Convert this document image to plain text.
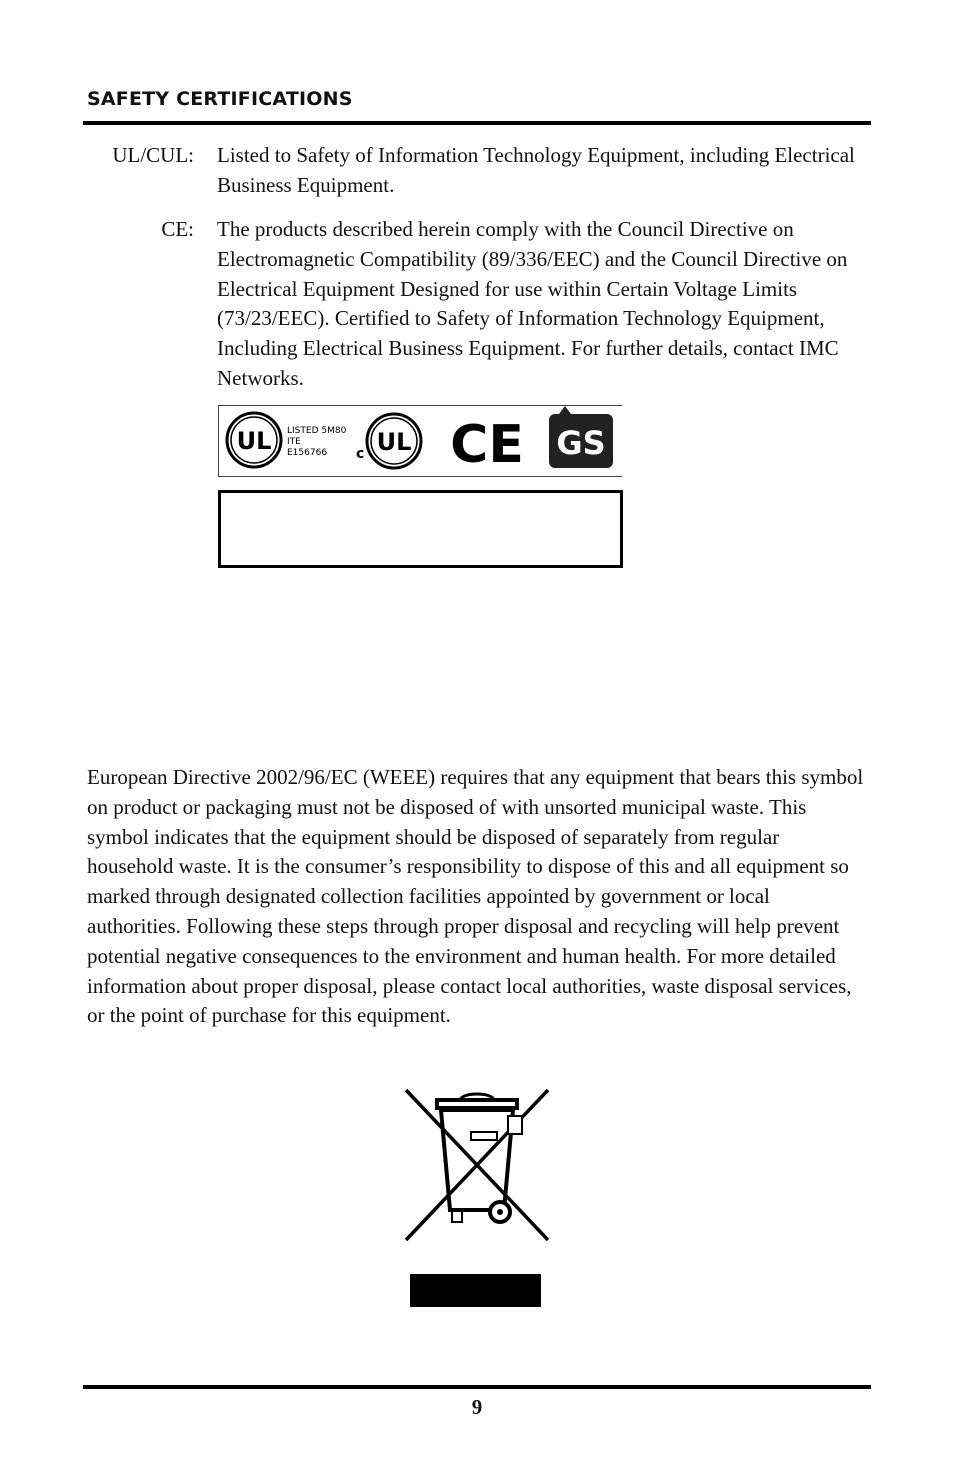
SAFETY CERTIFICATIONS
UL/CUL: Listed to Safety of Information Technology Equipment, including Electrical Business Equipment.
CE: The products described herein comply with the Council Directive on Electromagnetic Compatibility (89/336/EEC) and the Council Directive on Electrical Equipment Designed for use within Certain Voltage Limits (73/23/EEC). Certified to Safety of Information Technology Equipment, Including Electrical Business Equipment. For further details, contact IMC Networks.
UL LISTED 5M80
ITE
E156766 c UL CE GS
European Directive 2002/96/EC (WEEE) requires that any equipment that bears this symbol on product or packaging must not be disposed of with unsorted municipal waste. This symbol indicates that the equipment should be disposed of separately from regular household waste. It is the consumer’s responsibility to dispose of this and all equipment so marked through designated collection facilities appointed by government or local authorities. Following these steps through proper disposal and recycling will help prevent potential negative consequences to the environment and human health. For more detailed information about proper disposal, please contact local authorities, waste disposal services, or the point of purchase for this equipment.
9
